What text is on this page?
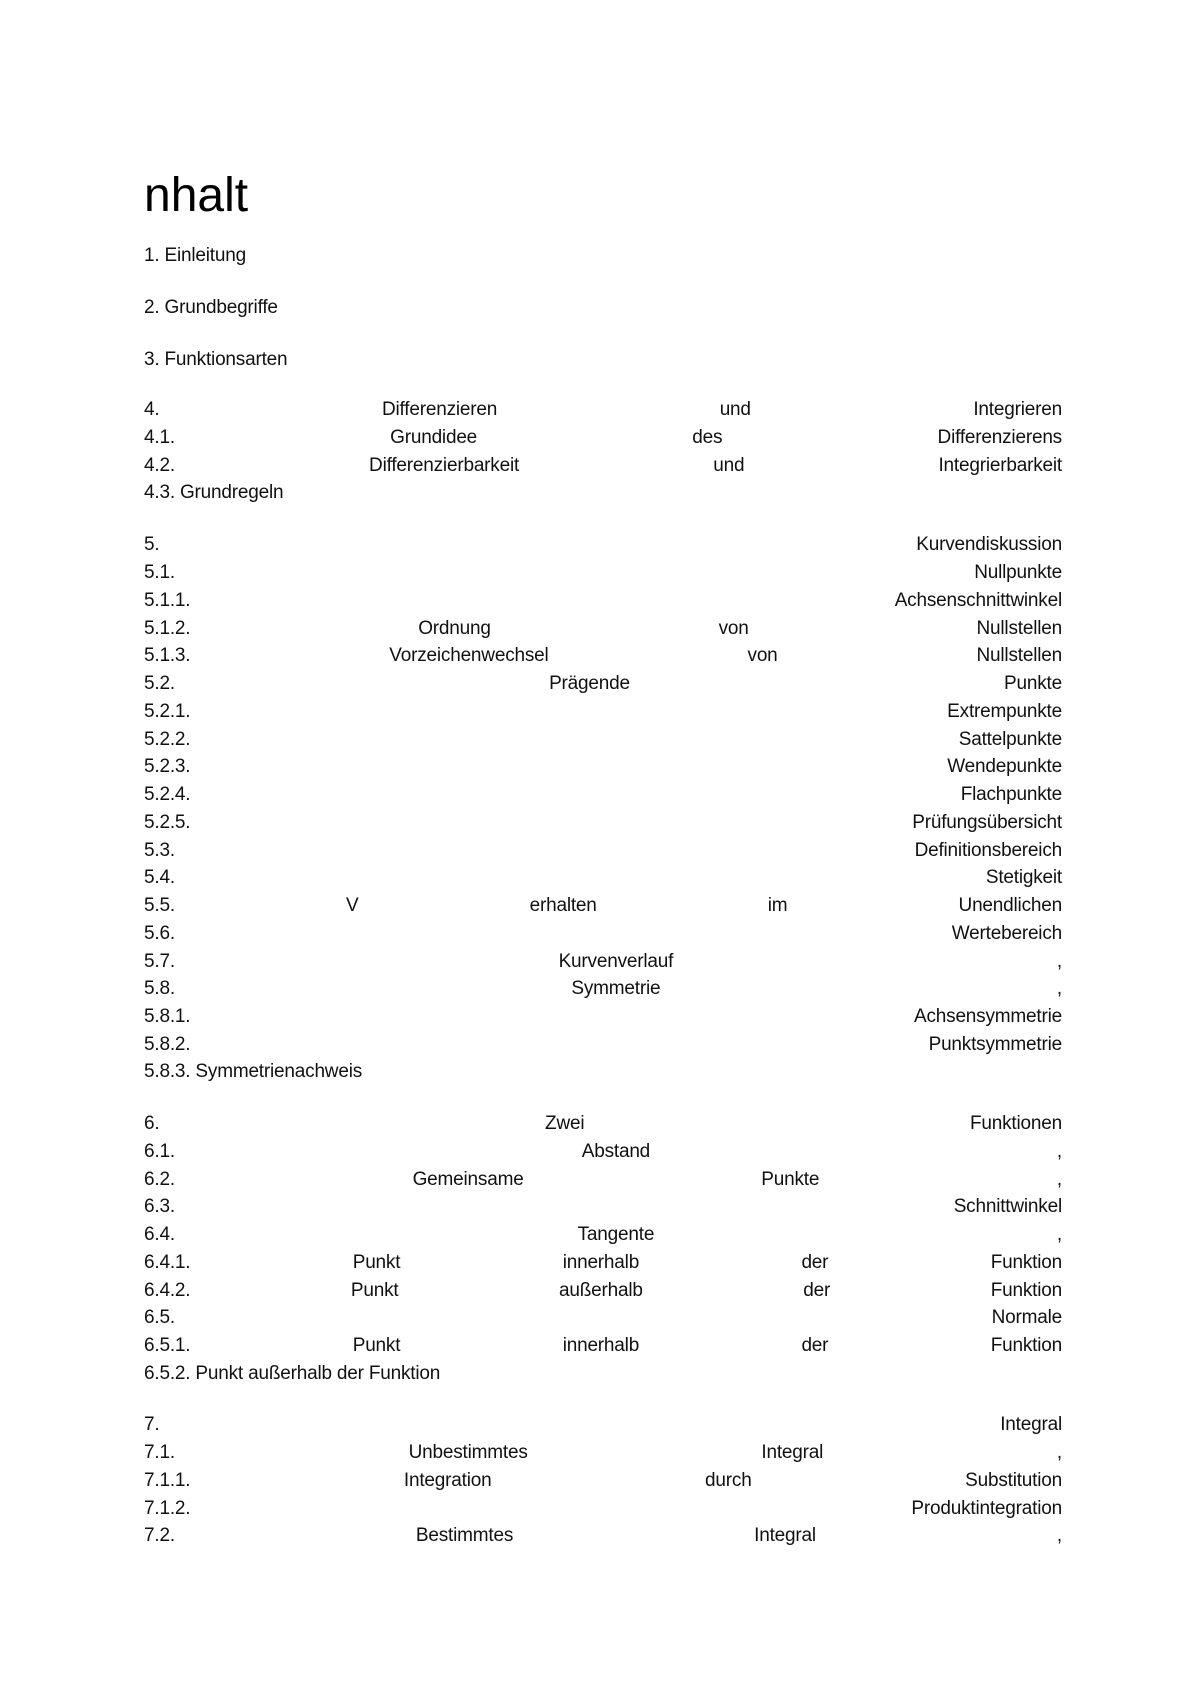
nhalt
1. Einleitung
2. Grundbegriffe
3. Funktionsarten
4.	Differenzieren	und	Integrieren
4.1.	Grundidee	des	Differenzierens
4.2.	Differenzierbarkeit	und	Integrierbarkeit
4.3. Grundregeln
5.	Kurvendiskussion
5.1.	Nullpunkte
5.1.1.	Achsenschnittwinkel
5.1.2.	Ordnung	von	Nullstellen
5.1.3.	Vorzeichenwechsel	von	Nullstellen
5.2.	Prägende	Punkte
5.2.1.	Extrempunkte
5.2.2.	Sattelpunkte
5.2.3.	Wendepunkte
5.2.4.	Flachpunkte
5.2.5.	Prüfungsübersicht
5.3.	Definitionsbereich
5.4.	Stetigkeit
5.5.	V	erhalten	im	Unendlichen
5.6.	Wertebereich
5.7.	Kurvenverlauf	,
5.8.	Symmetrie	,
5.8.1.	Achsensymmetrie
5.8.2.	Punktsymmetrie
5.8.3. Symmetrienachweis
6.	Zwei	Funktionen
6.1.	Abstand	,
6.2.	Gemeinsame	Punkte	,
6.3.	Schnittwinkel
6.4.	Tangente	,
6.4.1.	Punkt	innerhalb	der	Funktion
6.4.2.	Punkt	außerhalb	der	Funktion
6.5.	Normale
6.5.1.	Punkt	innerhalb	der	Funktion
6.5.2. Punkt außerhalb der Funktion
7.	Integral
7.1.	Unbestimmtes	Integral	,
7.1.1.	Integration	durch	Substitution
7.1.2.	Produktintegration
7.2.	Bestimmtes	Integral	,
